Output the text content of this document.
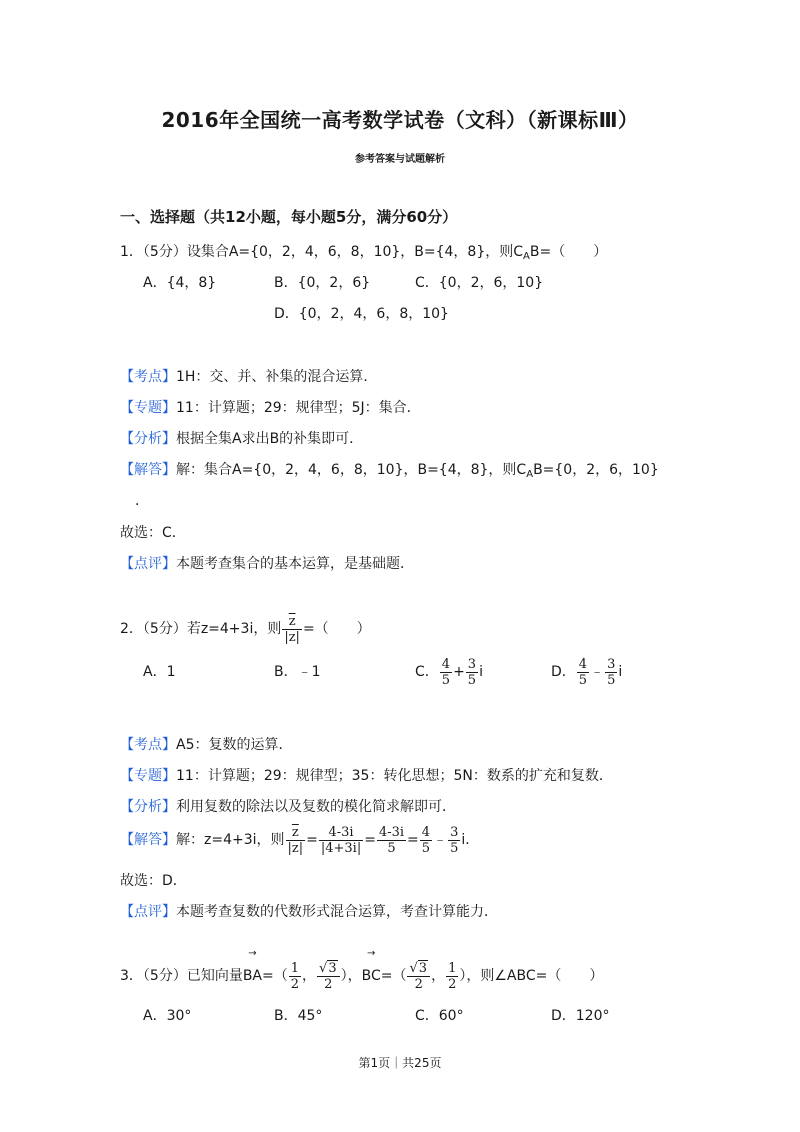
2016年全国统一高考数学试卷（文科）（新课标Ⅲ）
参考答案与试题解析
一、选择题（共12小题，每小题5分，满分60分）
1．（5分）设集合A={0，2，4，6，8，10}，B={4，8}，则$C_AB=$（　　）
A．{4，8}	B．{0，2，6}	C．{0，2，6，10}
D．{0，2，4，6，8，10}
【考点】1H：交、并、补集的混合运算．
【专题】11：计算题；29：规律型；5J：集合．
【分析】根据全集A求出B的补集即可．
【解答】解：集合A={0，2，4，6，8，10}，B={4，8}，则$C_AB=\{0$，2，6，10}
．
故选：C．
【点评】本题考查集合的基本运算，是基础题．
2．（5分）若z=4+3i，则 $\frac{\overline{z}}{|z|}$ =（　　）
A．1	B．﹣1	C． $\frac{4}{5} + \frac{3}{5}$ i	D． $\frac{4}{5}$ ﹣ $\frac{3}{5}$ i
【考点】A5：复数的运算．
【专题】11：计算题；29：规律型；35：转化思想；5N：数系的扩充和复数．
【分析】利用复数的除法以及复数的模化简求解即可．
【解答】解：z=4+3i，则 $\frac{\overline{z}}{|z|} = \frac{4-3i}{|4+3i|} = \frac{4-3i}{5} = \frac{4}{5}$ ﹣ $\frac{3}{5}$ i．
故选：D．
【点评】本题考查复数的代数形式混合运算，考查计算能力．
3．（5分）已知向量
→
$BA=( \frac{1}{2}$ ， $\frac{√3}{2}$ ），
→
$BC=( \frac{√3}{2}$ ， $\frac{1}{2}$ ），则∠ABC=（　　）
A．30°	B．45°	C．60°	D．120°
第1页｜共25页
